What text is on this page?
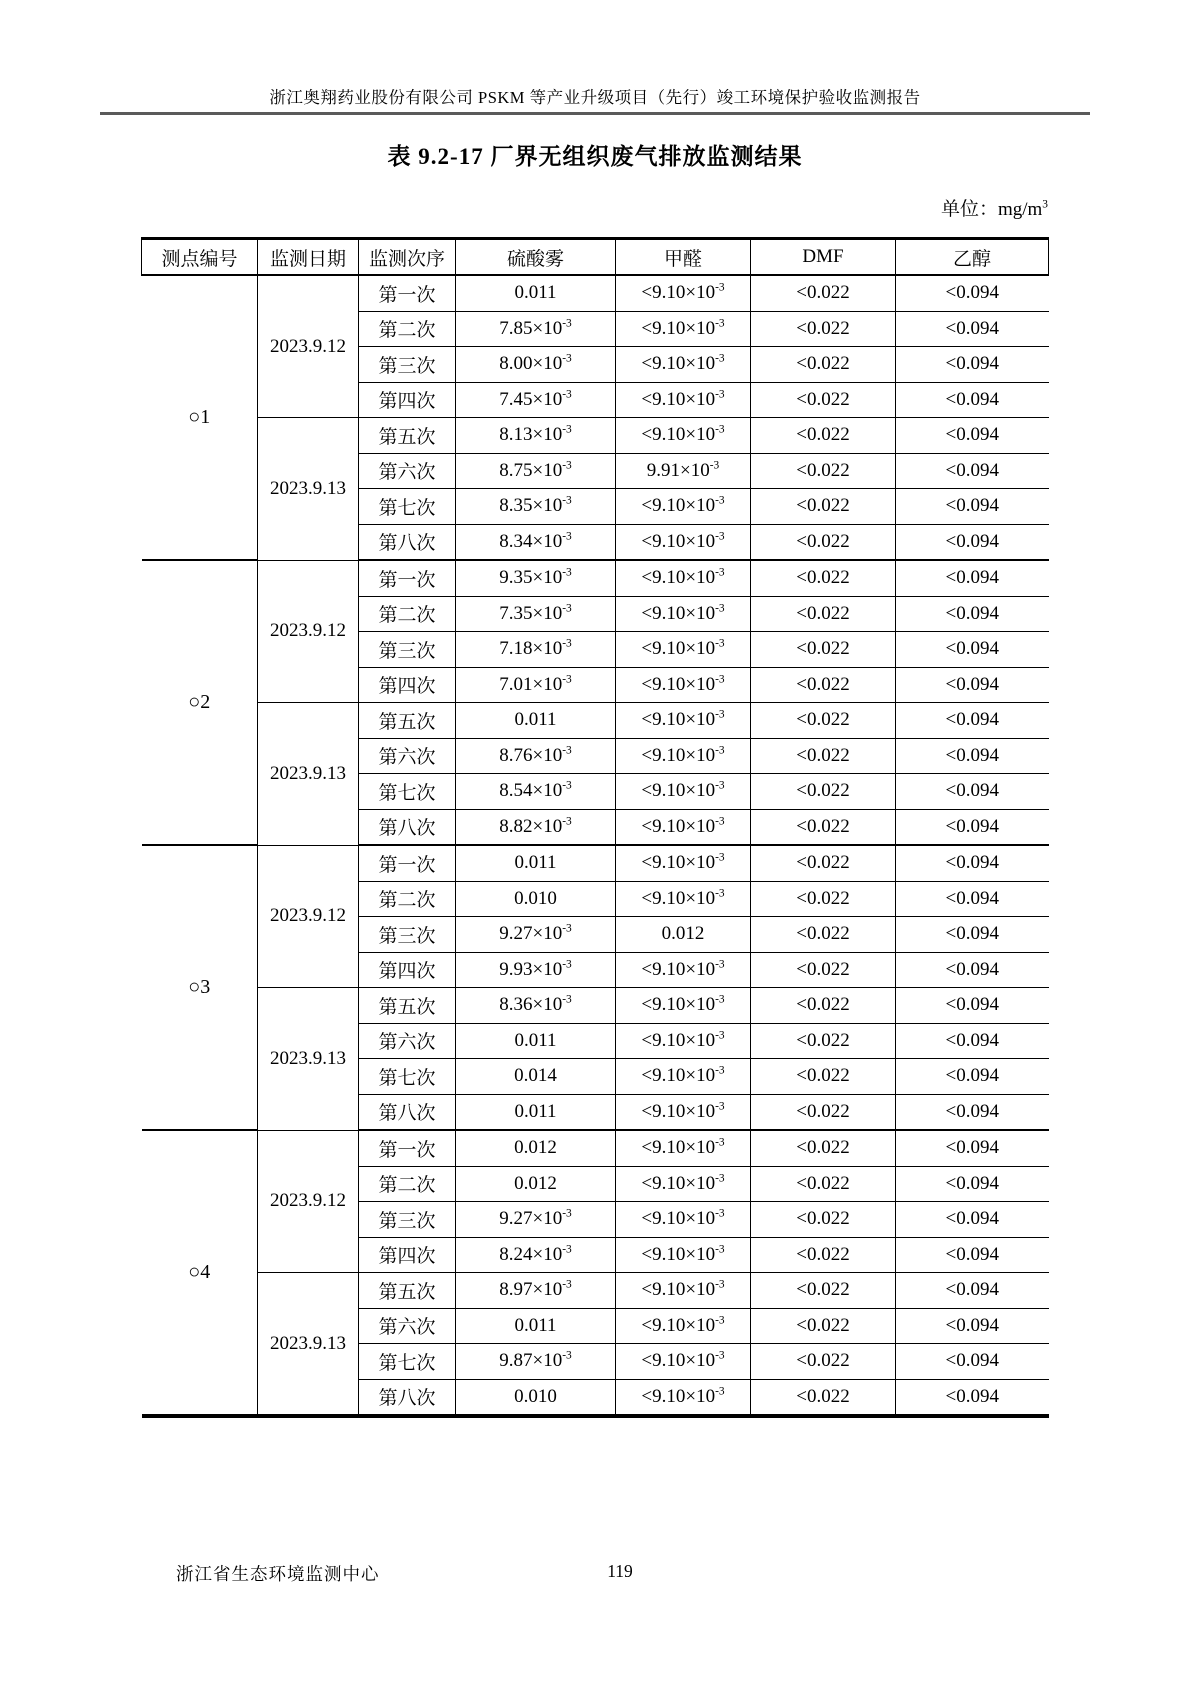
浙江奥翔药业股份有限公司 PSKM 等产业升级项目（先行）竣工环境保护验收监测报告
表 9.2-17 厂界无组织废气排放监测结果
单位：$mg/m^3$
测点编号	监测日期	监测次序	硫酸雾	甲醛	DMF	乙醇
○1	2023.9.12	第一次	0.011	$<9.10\times 10^{-3}$	<0.022	<0.094
		第二次	$7.85\times 10^{-3}$	$<9.10\times 10^{-3}$	<0.022	<0.094
		第三次	$8.00\times 10^{-3}$	$<9.10\times 10^{-3}$	<0.022	<0.094
		第四次	$7.45\times 10^{-3}$	$<9.10\times 10^{-3}$	<0.022	<0.094
	2023.9.13	第五次	$8.13\times 10^{-3}$	$<9.10\times 10^{-3}$	<0.022	<0.094
		第六次	$8.75\times 10^{-3}$	$9.91\times 10^{-3}$	<0.022	<0.094
		第七次	$8.35\times 10^{-3}$	$<9.10\times 10^{-3}$	<0.022	<0.094
		第八次	$8.34\times 10^{-3}$	$<9.10\times 10^{-3}$	<0.022	<0.094
○2	2023.9.12	第一次	$9.35\times 10^{-3}$	$<9.10\times 10^{-3}$	<0.022	<0.094
		第二次	$7.35\times 10^{-3}$	$<9.10\times 10^{-3}$	<0.022	<0.094
		第三次	$7.18\times 10^{-3}$	$<9.10\times 10^{-3}$	<0.022	<0.094
		第四次	$7.01\times 10^{-3}$	$<9.10\times 10^{-3}$	<0.022	<0.094
	2023.9.13	第五次	0.011	$<9.10\times 10^{-3}$	<0.022	<0.094
		第六次	$8.76\times 10^{-3}$	$<9.10\times 10^{-3}$	<0.022	<0.094
		第七次	$8.54\times 10^{-3}$	$<9.10\times 10^{-3}$	<0.022	<0.094
		第八次	$8.82\times 10^{-3}$	$<9.10\times 10^{-3}$	<0.022	<0.094
○3	2023.9.12	第一次	0.011	$<9.10\times 10^{-3}$	<0.022	<0.094
		第二次	0.010	$<9.10\times 10^{-3}$	<0.022	<0.094
		第三次	$9.27\times 10^{-3}$	0.012	<0.022	<0.094
		第四次	$9.93\times 10^{-3}$	$<9.10\times 10^{-3}$	<0.022	<0.094
	2023.9.13	第五次	$8.36\times 10^{-3}$	$<9.10\times 10^{-3}$	<0.022	<0.094
		第六次	0.011	$<9.10\times 10^{-3}$	<0.022	<0.094
		第七次	0.014	$<9.10\times 10^{-3}$	<0.022	<0.094
		第八次	0.011	$<9.10\times 10^{-3}$	<0.022	<0.094
○4	2023.9.12	第一次	0.012	$<9.10\times 10^{-3}$	<0.022	<0.094
		第二次	0.012	$<9.10\times 10^{-3}$	<0.022	<0.094
		第三次	$9.27\times 10^{-3}$	$<9.10\times 10^{-3}$	<0.022	<0.094
		第四次	$8.24\times 10^{-3}$	$<9.10\times 10^{-3}$	<0.022	<0.094
	2023.9.13	第五次	$8.97\times 10^{-3}$	$<9.10\times 10^{-3}$	<0.022	<0.094
		第六次	0.011	$<9.10\times 10^{-3}$	<0.022	<0.094
		第七次	$9.87\times 10^{-3}$	$<9.10\times 10^{-3}$	<0.022	<0.094
		第八次	0.010	$<9.10\times 10^{-3}$	<0.022	<0.094
浙江省生态环境监测中心	119
